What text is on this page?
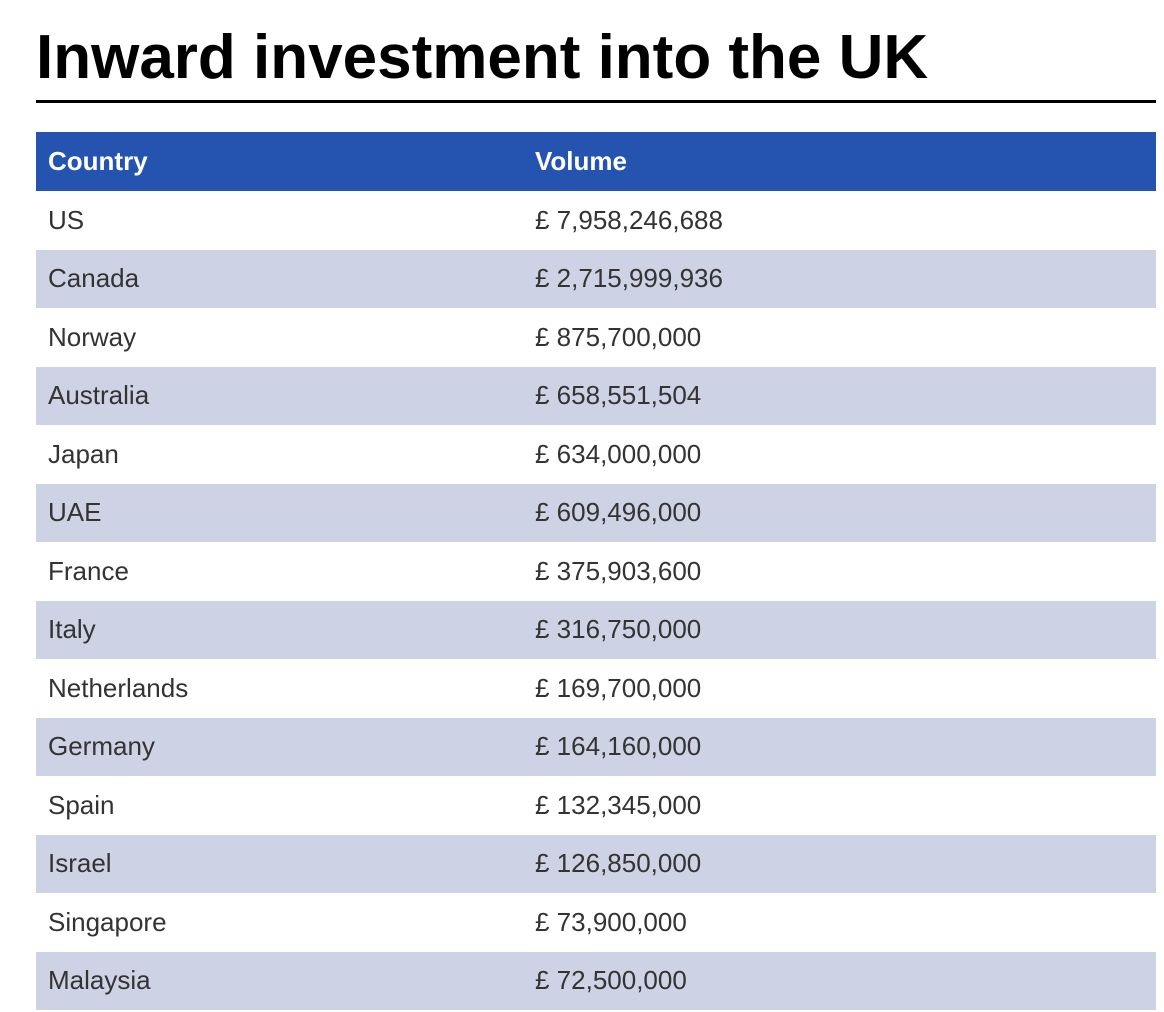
Inward investment into the UK
Country	Volume
US	£ 7,958,246,688
Canada	£ 2,715,999,936
Norway	£ 875,700,000
Australia	£ 658,551,504
Japan	£ 634,000,000
UAE	£ 609,496,000
France	£ 375,903,600
Italy	£ 316,750,000
Netherlands	£ 169,700,000
Germany	£ 164,160,000
Spain	£ 132,345,000
Israel	£ 126,850,000
Singapore	£ 73,900,000
Malaysia	£ 72,500,000
